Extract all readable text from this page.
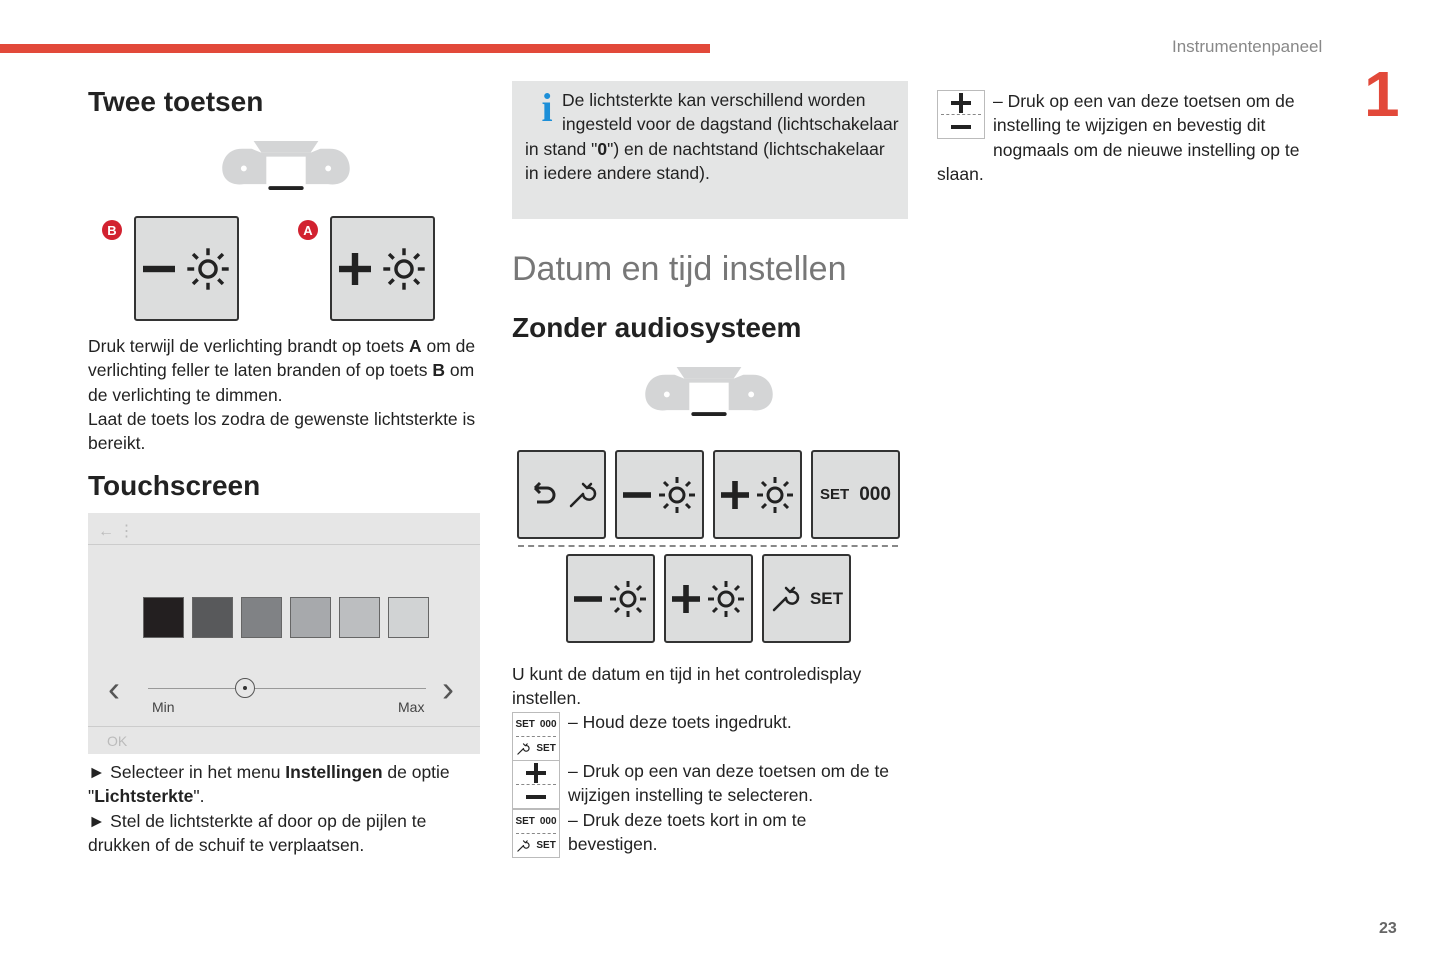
Instrumentenpaneel
1
23
Twee toetsen
B	A
Druk terwijl de verlichting brandt op toets A om de verlichting feller te laten branden of op toets B om de verlichting te dimmen.
Laat de toets los zodra de gewenste lichtsterkte is bereikt.
Touchscreen
← ⋮
‹	›
Min	Max
OK
► Selecteer in het menu Instellingen de optie "Lichtsterkte".
► Stel de lichtsterkte af door op de pijlen te drukken of de schuif te verplaatsen.
i De lichtsterkte kan verschillend worden ingesteld voor de dagstand (lichtschakelaar in stand "0") en de nachtstand (lichtschakelaar in iedere andere stand).
Datum en tijd instellen
Zonder audiosysteem
SET 000
SET
U kunt de datum en tijd in het controledisplay instellen.
SET 000
SET
– Houd deze toets ingedrukt.
– Druk op een van deze toetsen om de te wijzigen instelling te selecteren.
SET 000
SET
– Druk deze toets kort in om te bevestigen.
– Druk op een van deze toetsen om de instelling te wijzigen en bevestig dit nogmaals om de nieuwe instelling op te slaan.
